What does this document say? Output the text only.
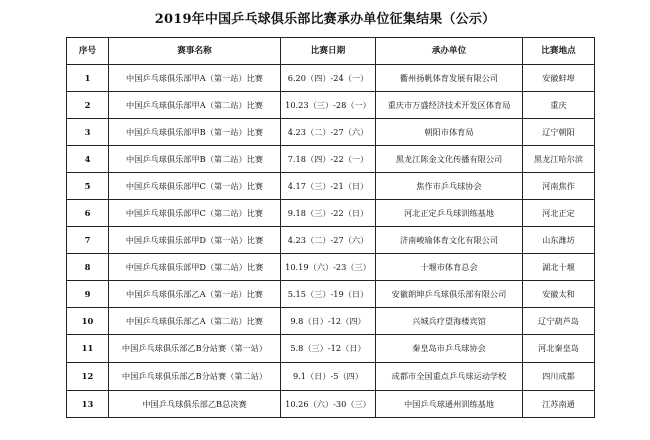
2019年中国乒乓球俱乐部比赛承办单位征集结果（公示）
序号	赛事名称	比赛日期	承办单位	比赛地点
1	中国乒乓球俱乐部甲A（第一站）比赛	6.20（四）-24（一）	衢州扬帆体育发展有限公司	安徽蚌埠
2	中国乒乓球俱乐部甲A（第二站）比赛	10.23（三）-28（一）	重庆市万盛经济技术开发区体育局	重庆
3	中国乒乓球俱乐部甲B（第一站）比赛	4.23（二）-27（六）	朝阳市体育局	辽宁朝阳
4	中国乒乓球俱乐部甲B（第二站）比赛	7.18（四）-22（一）	黑龙江陈金文化传播有限公司	黑龙江哈尔滨
5	中国乒乓球俱乐部甲C（第一站）比赛	4.17（三）-21（日）	焦作市乒乓球协会	河南焦作
6	中国乒乓球俱乐部甲C（第二站）比赛	9.18（三）-22（日）	河北正定乒乓球训练基地	河北正定
7	中国乒乓球俱乐部甲D（第一站）比赛	4.23（二）-27（六）	济南峻瑜体育文化有限公司	山东潍坊
8	中国乒乓球俱乐部甲D（第二站）比赛	10.19（六）-23（三）	十堰市体育总会	湖北十堰
9	中国乒乓球俱乐部乙A（第一站）比赛	5.15（三）-19（日）	安徽朗坤乒乓球俱乐部有限公司	安徽太和
10	中国乒乓球俱乐部乙A（第二站）比赛	9.8（日）-12（四）	兴城兵疗望海楼宾馆	辽宁葫芦岛
11	中国乒乓球俱乐部乙B分站赛（第一站）	5.8（三）-12（日）	秦皇岛市乒乓球协会	河北秦皇岛
12	中国乒乓球俱乐部乙B分站赛（第二站）	9.1（日）-5（四）	成都市全国重点乒乓球运动学校	四川成都
13	中国乒乓球俱乐部乙B总决赛	10.26（六）-30（三）	中国乒乓球通州训练基地	江苏南通
